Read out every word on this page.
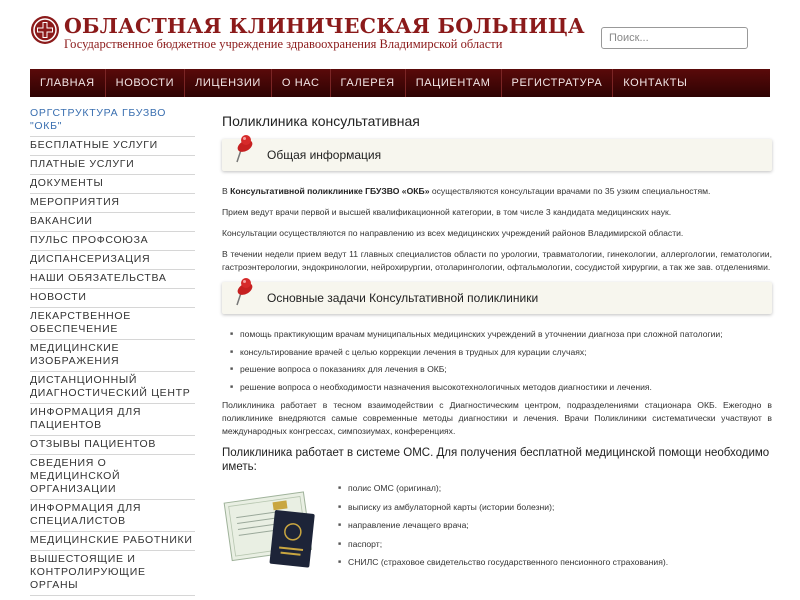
ОБЛАСТНАЯ КЛИНИЧЕСКАЯ БОЛЬНИЦА
Государственное бюджетное учреждение здравоохранения Владимирской области
Поиск...
ГЛАВНАЯ	НОВОСТИ	ЛИЦЕНЗИИ	О НАС	ГАЛЕРЕЯ	ПАЦИЕНТАМ	РЕГИСТРАТУРА	КОНТАКТЫ
ОРГСТРУКТУРА ГБУЗВО "ОКБ"
БЕСПЛАТНЫЕ УСЛУГИ
ПЛАТНЫЕ УСЛУГИ
ДОКУМЕНТЫ
МЕРОПРИЯТИЯ
ВАКАНСИИ
ПУЛЬС ПРОФСОЮЗА
ДИСПАНСЕРИЗАЦИЯ
НАШИ ОБЯЗАТЕЛЬСТВА
НОВОСТИ
ЛЕКАРСТВЕННОЕ ОБЕСПЕЧЕНИЕ
МЕДИЦИНСКИЕ ИЗОБРАЖЕНИЯ
ДИСТАНЦИОННЫЙ ДИАГНОСТИЧЕСКИЙ ЦЕНТР
ИНФОРМАЦИЯ ДЛЯ ПАЦИЕНТОВ
ОТЗЫВЫ ПАЦИЕНТОВ
СВЕДЕНИЯ О МЕДИЦИНСКОЙ ОРГАНИЗАЦИИ
ИНФОРМАЦИЯ ДЛЯ СПЕЦИАЛИСТОВ
МЕДИЦИНСКИЕ РАБОТНИКИ
ВЫШЕСТОЯЩИЕ И КОНТРОЛИРУЮЩИЕ ОРГАНЫ
Поликлиника консультативная
Общая информация

В Консультативной поликлинике ГБУЗВО «ОКБ» осуществляются консультации врачами по 35 узким специальностям.

Прием ведут врачи первой и высшей квалификационной категории, в том числе 3 кандидата медицинских наук.

Консультации осуществляются по направлению из всех медицинских учреждений районов Владимирской области.

В течении недели прием ведут 11 главных специалистов области по урологии, травматологии, гинекологии, аллергологии, гематологии, гастроэнтерологии, эндокринологии, нейрохирургии, отоларингологии, офтальмологии, сосудистой хирургии, а так же зав. отделениями.

Основные задачи Консультативной поликлиники
■ помощь практикующим врачам муниципальных медицинских учреждений в уточнении диагноза при сложной патологии;
■ консультирование врачей с целью коррекции лечения в трудных для курации случаях;
■ решение вопроса о показаниях для лечения в ОКБ;
■ решение вопроса о необходимости назначения высокотехнологичных методов диагностики и лечения.

Поликлиника работает в тесном взаимодействии с Диагностическим центром, подразделениями стационара ОКБ. Ежегодно в поликлинике внедряются самые современные методы диагностики и лечения. Врачи Поликлиники систематически участвуют в международных конгрессах, симпозиумах, конференциях.

Поликлиника работает в системе ОМС. Для получения бесплатной медицинской помощи необходимо иметь:
■ полис ОМС (оригинал);
■ выписку из амбулаторной карты (истории болезни);
■ направление лечащего врача;
■ паспорт;
■ СНИЛС (страховое свидетельство государственного пенсионного страхования).
